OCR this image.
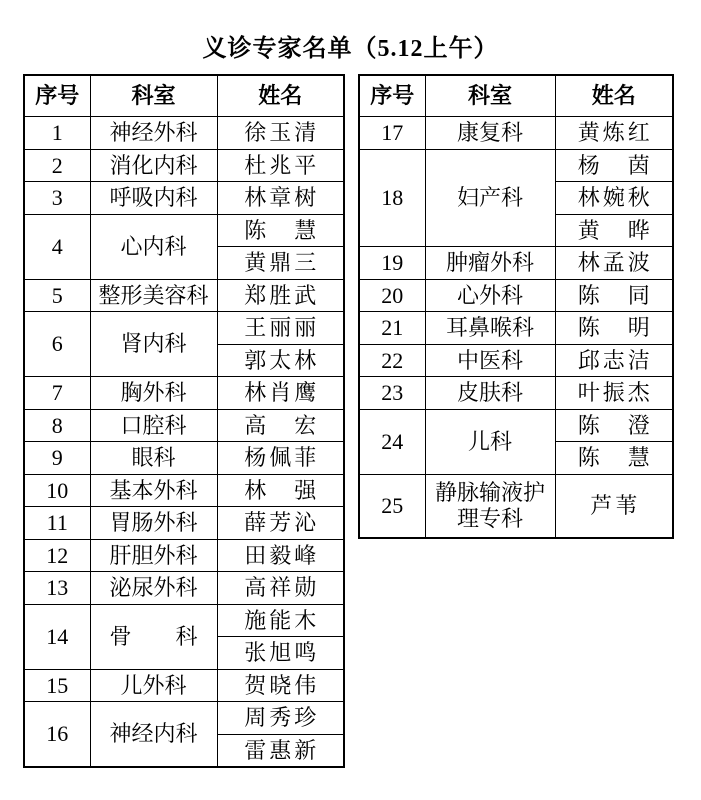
义诊专家名单（5.12上午）
序号	科室	姓名
1	神经外科	徐玉清
2	消化内科	杜兆平
3	呼吸内科	林章树
4	心内科	陈　慧
		黄鼎三
5	整形美容科	郑胜武
6	肾内科	王丽丽
		郭太林
7	胸外科	林肖鹰
8	口腔科	高　宏
9	眼科	杨佩菲
10	基本外科	林　强
11	胃肠外科	薛芳沁
12	肝胆外科	田毅峰
13	泌尿外科	高祥勋
14	骨　　科	施能木
		张旭鸣
15	儿外科	贺晓伟
16	神经内科	周秀珍
		雷惠新
序号	科室	姓名
17	康复科	黄炼红
18	妇产科	杨　茵
		林婉秋
		黄　晔
19	肿瘤外科	林孟波
20	心外科	陈　同
21	耳鼻喉科	陈　明
22	中医科	邱志洁
23	皮肤科	叶振杰
24	儿科	陈　澄
		陈　慧
25	静脉输液护理专科	芦苇
